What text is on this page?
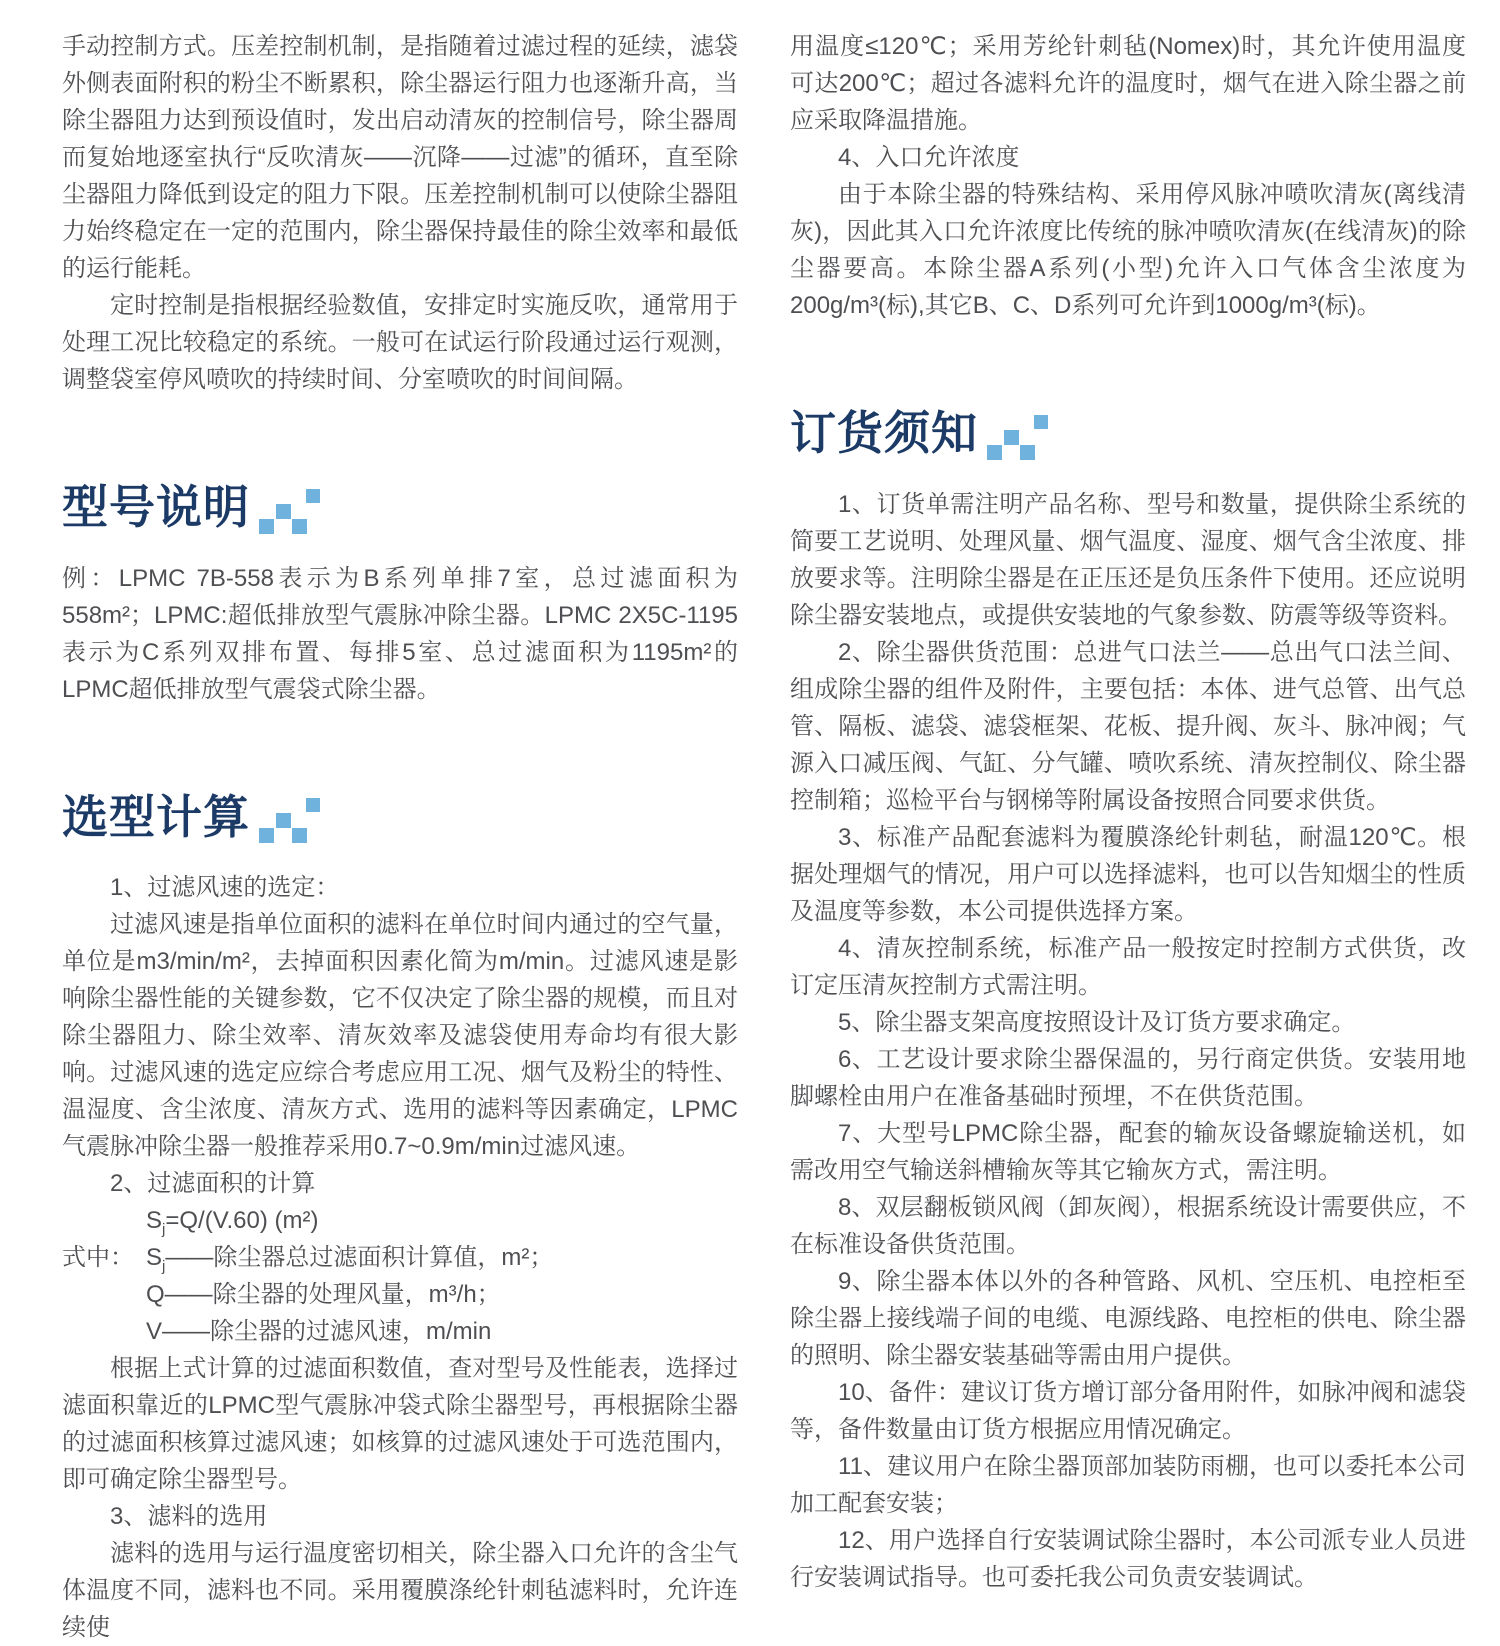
手动控制方式。压差控制机制，是指随着过滤过程的延续，滤袋外侧表面附积的粉尘不断累积，除尘器运行阻力也逐渐升高，当除尘器阻力达到预设值时，发出启动清灰的控制信号，除尘器周而复始地逐室执行“反吹清灰——沉降——过滤”的循环，直至除尘器阻力降低到设定的阻力下限。压差控制机制可以使除尘器阻力始终稳定在一定的范围内，除尘器保持最佳的除尘效率和最低的运行能耗。

定时控制是指根据经验数值，安排定时实施反吹，通常用于处理工况比较稳定的系统。一般可在试运行阶段通过运行观测，调整袋室停风喷吹的持续时间、分室喷吹的时间间隔。

型号说明

例：LPMC 7B-558表示为B系列单排7室，总过滤面积为558m²；LPMC:超低排放型气震脉冲除尘器。LPMC 2X5C-1195表示为C系列双排布置、每排5室、总过滤面积为1195m²的LPMC超低排放型气震袋式除尘器。

选型计算

1、过滤风速的选定：

过滤风速是指单位面积的滤料在单位时间内通过的空气量，单位是m3/min/m²，去掉面积因素化简为m/min。过滤风速是影响除尘器性能的关键参数，它不仅决定了除尘器的规模，而且对除尘器阻力、除尘效率、清灰效率及滤袋使用寿命均有很大影响。过滤风速的选定应综合考虑应用工况、烟气及粉尘的特性、温湿度、含尘浓度、清灰方式、选用的滤料等因素确定，LPMC气震脉冲除尘器一般推荐采用0.7~0.9m/min过滤风速。

2、过滤面积的计算

$S_j=Q/(V.60)$ (m²)
式中： $S_j——$除尘器总过滤面积计算值，m²；
Q——除尘器的处理风量，m³/h；
V——除尘器的过滤风速，m/min

根据上式计算的过滤面积数值，查对型号及性能表，选择过滤面积靠近的LPMC型气震脉冲袋式除尘器型号，再根据除尘器的过滤面积核算过滤风速；如核算的过滤风速处于可选范围内，即可确定除尘器型号。

3、滤料的选用

滤料的选用与运行温度密切相关，除尘器入口允许的含尘气体温度不同，滤料也不同。采用覆膜涤纶针刺毡滤料时，允许连续使

用温度≤120℃；采用芳纶针刺毡(Nomex)时，其允许使用温度可达200℃；超过各滤料允许的温度时，烟气在进入除尘器之前应采取降温措施。

4、入口允许浓度

由于本除尘器的特殊结构、采用停风脉冲喷吹清灰(离线清灰)，因此其入口允许浓度比传统的脉冲喷吹清灰(在线清灰)的除尘器要高。本除尘器A系列(小型)允许入口气体含尘浓度为200g/m³(标),其它B、C、D系列可允许到1000g/m³(标)。

订货须知

1、订货单需注明产品名称、型号和数量，提供除尘系统的简要工艺说明、处理风量、烟气温度、湿度、烟气含尘浓度、排放要求等。注明除尘器是在正压还是负压条件下使用。还应说明除尘器安装地点，或提供安装地的气象参数、防震等级等资料。

2、除尘器供货范围：总进气口法兰——总出气口法兰间、组成除尘器的组件及附件，主要包括：本体、进气总管、出气总管、隔板、滤袋、滤袋框架、花板、提升阀、灰斗、脉冲阀；气源入口减压阀、气缸、分气罐、喷吹系统、清灰控制仪、除尘器控制箱；巡检平台与钢梯等附属设备按照合同要求供货。

3、标准产品配套滤料为覆膜涤纶针刺毡，耐温120℃。根据处理烟气的情况，用户可以选择滤料，也可以告知烟尘的性质及温度等参数，本公司提供选择方案。

4、清灰控制系统，标准产品一般按定时控制方式供货，改订定压清灰控制方式需注明。

5、除尘器支架高度按照设计及订货方要求确定。

6、工艺设计要求除尘器保温的，另行商定供货。安装用地脚螺栓由用户在准备基础时预埋，不在供货范围。

7、大型号LPMC除尘器，配套的输灰设备螺旋输送机，如需改用空气输送斜槽输灰等其它输灰方式，需注明。

8、双层翻板锁风阀（卸灰阀），根据系统设计需要供应，不在标准设备供货范围。

9、除尘器本体以外的各种管路、风机、空压机、电控柜至除尘器上接线端子间的电缆、电源线路、电控柜的供电、除尘器的照明、除尘器安装基础等需由用户提供。

10、备件：建议订货方增订部分备用附件，如脉冲阀和滤袋等，备件数量由订货方根据应用情况确定。

11、建议用户在除尘器顶部加装防雨棚，也可以委托本公司加工配套安装；

12、用户选择自行安装调试除尘器时，本公司派专业人员进行安装调试指导。也可委托我公司负责安装调试。
